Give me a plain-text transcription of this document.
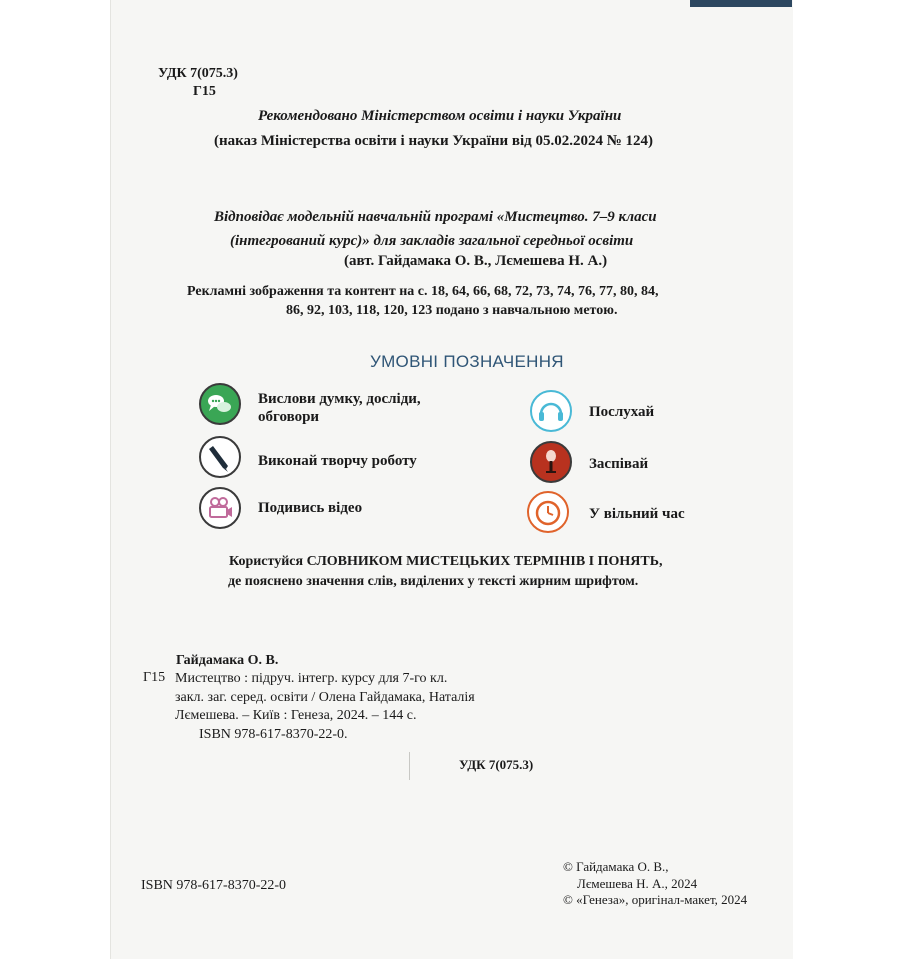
УДК 7(075.3)
Г15
Рекомендовано Міністерством освіти і науки України
(наказ Міністерства освіти і науки України від 05.02.2024 № 124)
Відповідає модельній навчальній програмі «Мистецтво. 7–9 класи
(інтегрований курс)» для закладів загальної середньої освіти
(авт. Гайдамака О. В., Лємешева Н. А.)
Рекламні зображення та контент на с. 18, 64, 66, 68, 72, 73, 74, 76, 77, 80, 84,
86, 92, 103, 118, 120, 123 подано з навчальною метою.
УМОВНІ ПОЗНАЧЕННЯ
Вислови думку, досліди,
обговори	Послухай
Виконай творчу роботу	Заспівай
Подивись відео	У вільний час
Користуйся СЛОВНИКОМ МИСТЕЦЬКИХ ТЕРМІНІВ І ПОНЯТЬ,
де пояснено значення слів, виділених у тексті жирним шрифтом.
Гайдамака О. В.
Г15 Мистецтво : підруч. інтегр. курсу для 7-го кл.
закл. заг. серед. освіти / Олена Гайдамака, Наталія
Лємешева. – Київ : Генеза, 2024. – 144 с.
ISBN 978-617-8370-22-0.
УДК 7(075.3)
ISBN 978-617-8370-22-0
© Гайдамака О. В.,
Лємешева Н. А., 2024
© «Генеза», оригінал-макет, 2024
